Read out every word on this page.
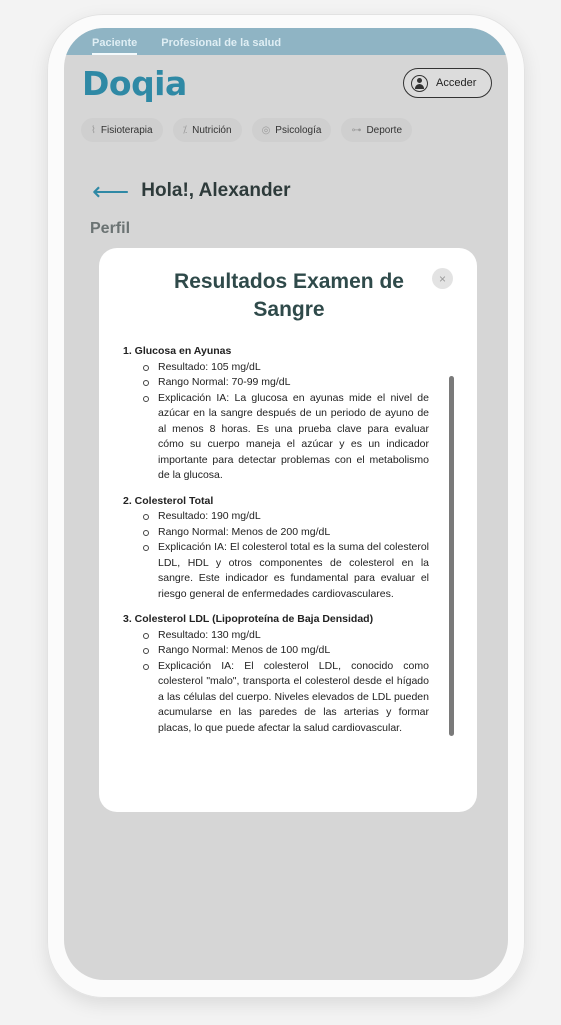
Paciente Profesional de la salud
Doqia	Acceder
⌇ Fisioterapia	⁒ Nutrición	◎ Psicología	⊶ Deporte
⟵ Hola!, Alexander
Perfil
Resultados Examen de
Sangre
×
1. Glucosa en Ayunas
Resultado: 105 mg/dL
Rango Normal: 70-99 mg/dL
Explicación IA: La glucosa en ayunas mide el nivel de azúcar en la sangre después de un periodo de ayuno de al menos 8 horas. Es una prueba clave para evaluar cómo su cuerpo maneja el azúcar y es un indicador importante para detectar problemas con el metabolismo de la glucosa.
2. Colesterol Total
Resultado: 190 mg/dL
Rango Normal: Menos de 200 mg/dL
Explicación IA: El colesterol total es la suma del colesterol LDL, HDL y otros componentes de colesterol en la sangre. Este indicador es fundamental para evaluar el riesgo general de enfermedades cardiovasculares.
3. Colesterol LDL (Lipoproteína de Baja Densidad)
Resultado: 130 mg/dL
Rango Normal: Menos de 100 mg/dL
Explicación IA: El colesterol LDL, conocido como colesterol "malo", transporta el colesterol desde el hígado a las células del cuerpo. Niveles elevados de LDL pueden acumularse en las paredes de las arterias y formar placas, lo que puede afectar la salud cardiovascular.
